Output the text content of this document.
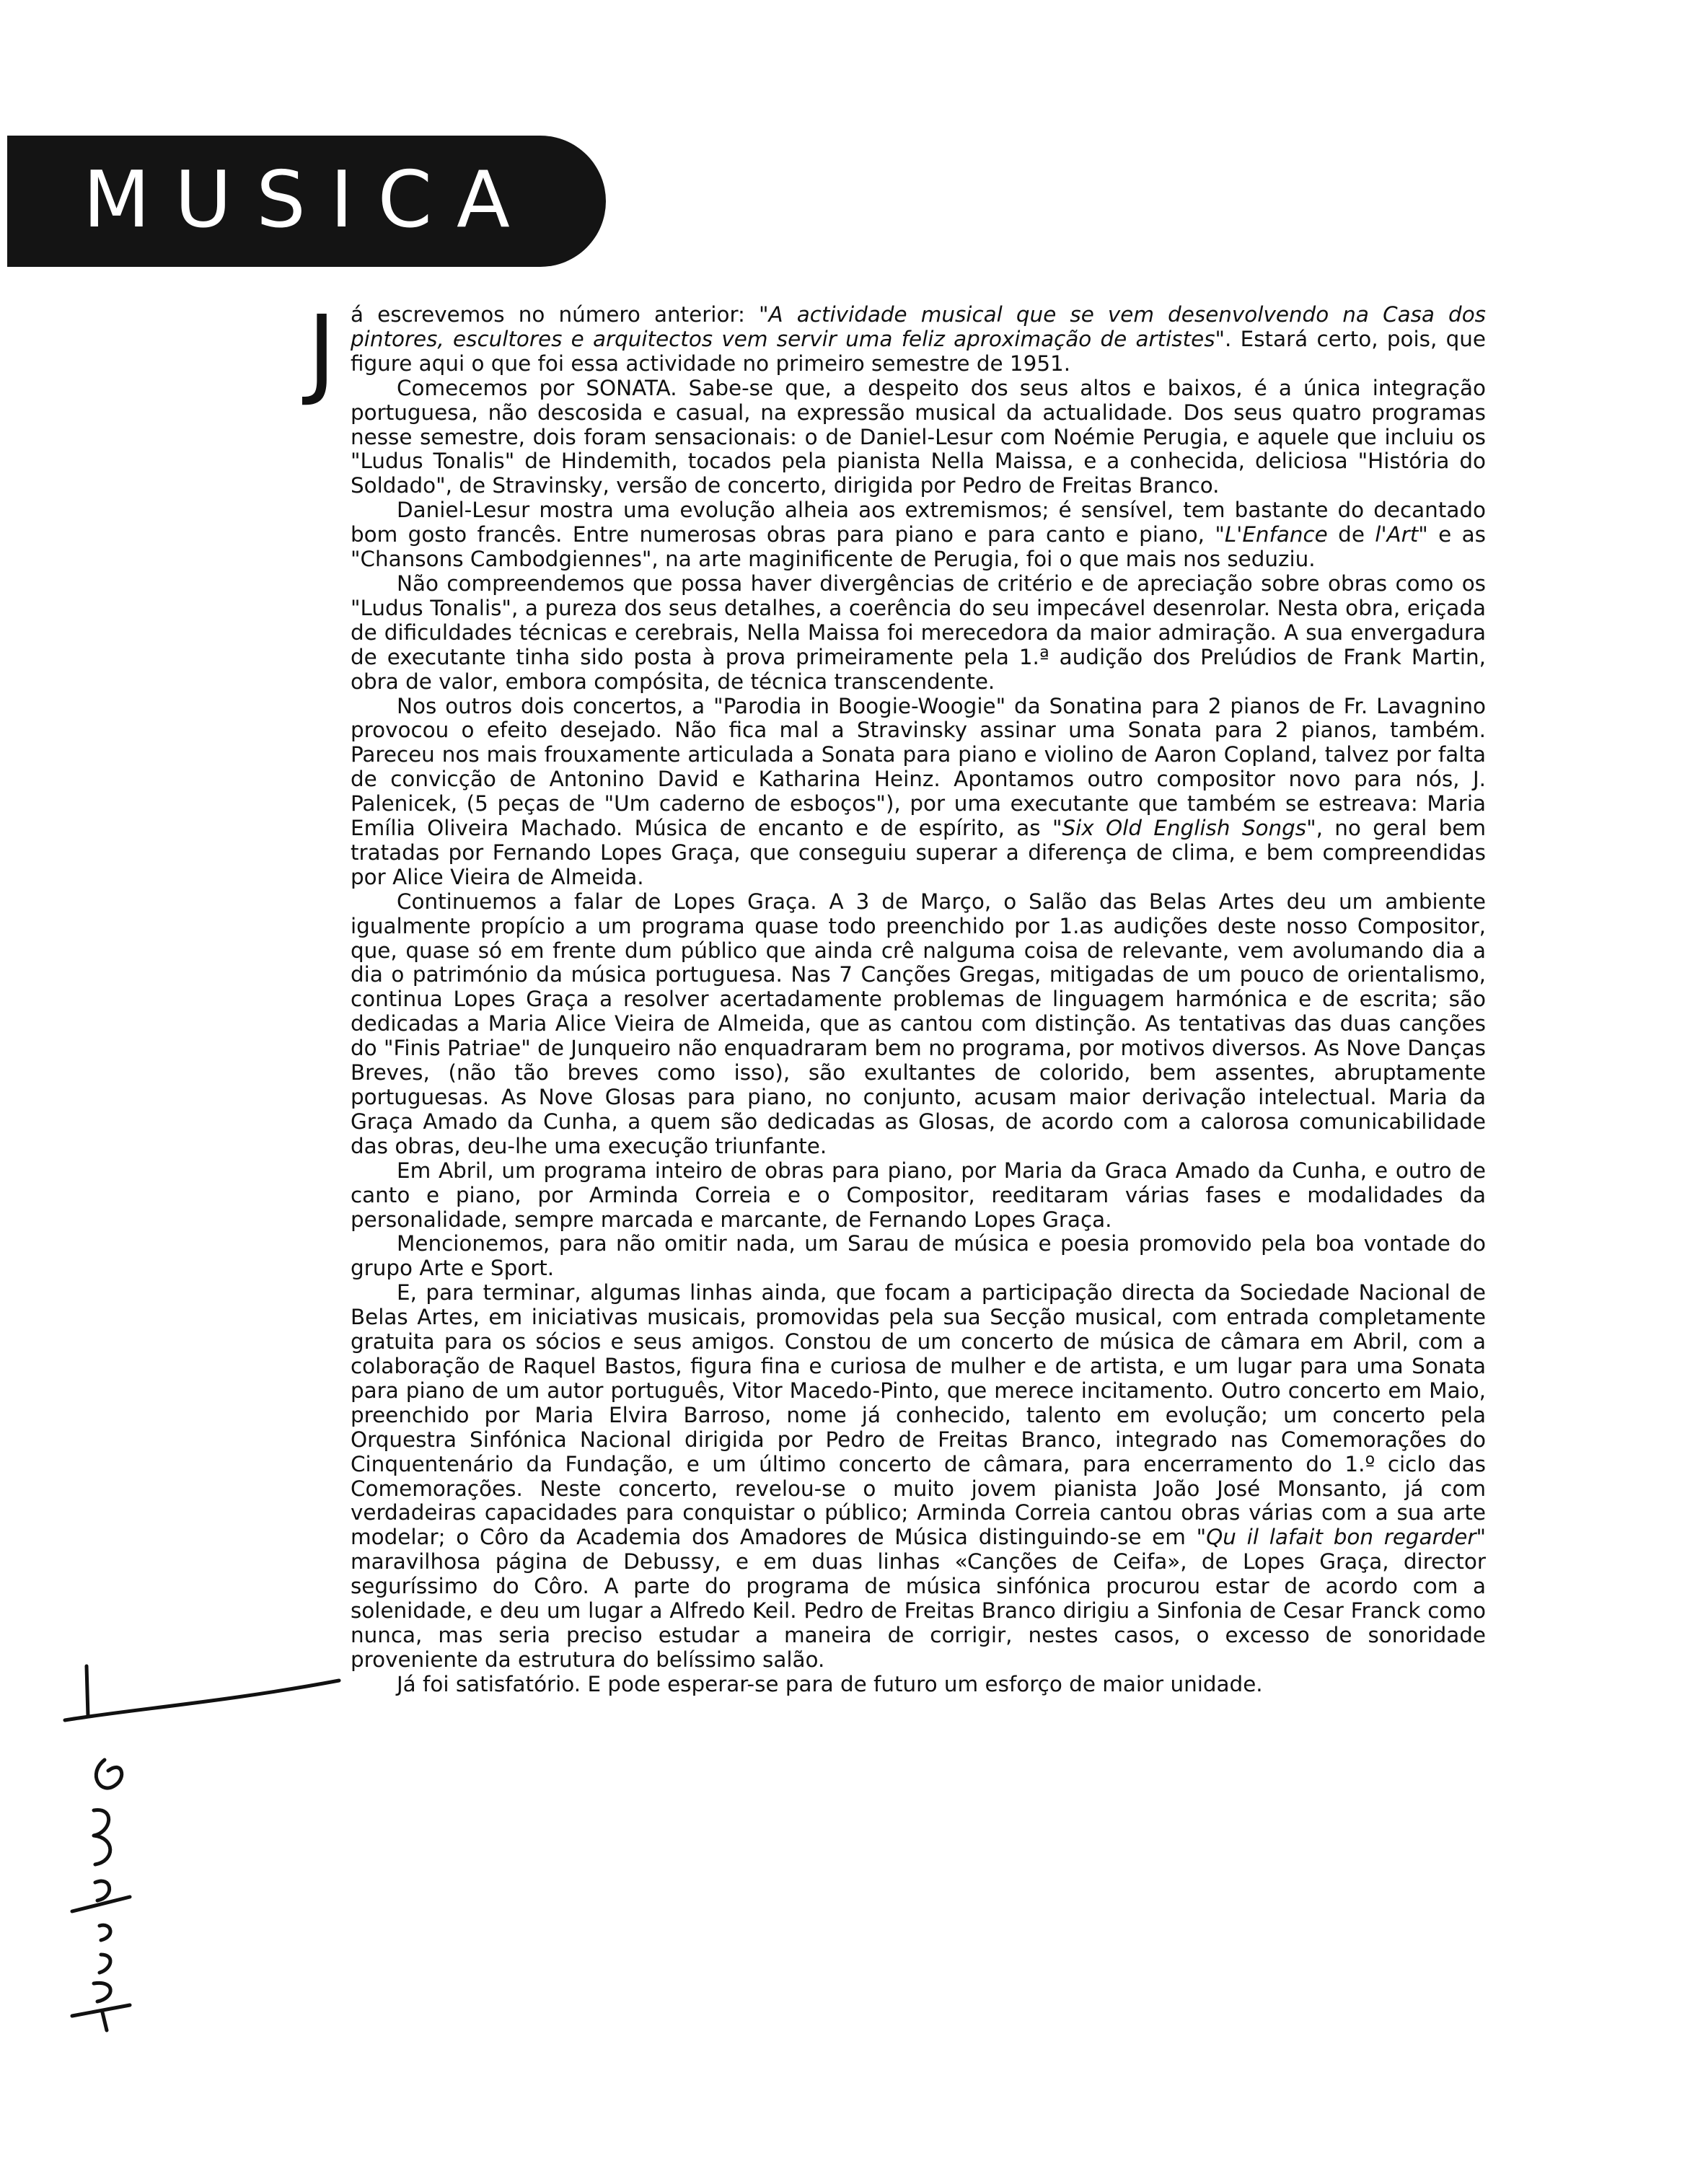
MUSICA

Já escrevemos no número anterior: "A actividade musical que se vem desenvolvendo na Casa dos pintores, escultores e arquitectos vem servir uma feliz aproximação de artistes". Estará certo, pois, que figure aqui o que foi essa actividade no primeiro semestre de 1951.

Comecemos por SONATA. Sabe-se que, a despeito dos seus altos e baixos, é a única integração portuguesa, não descosida e casual, na expressão musical da actualidade. Dos seus quatro programas nesse semestre, dois foram sensacionais: o de Daniel-Lesur com Noémie Perugia, e aquele que incluiu os "Ludus Tonalis" de Hindemith, tocados pela pianista Nella Maissa, e a conhecida, deliciosa "História do Soldado", de Stravinsky, versão de concerto, dirigida por Pedro de Freitas Branco.

Daniel-Lesur mostra uma evolução alheia aos extremismos; é sensível, tem bastante do decantado bom gosto francês. Entre numerosas obras para piano e para canto e piano, "L'Enfance de l'Art" e as "Chansons Cambodgiennes", na arte maginificente de Perugia, foi o que mais nos seduziu.

Não compreendemos que possa haver divergências de critério e de apreciação sobre obras como os "Ludus Tonalis", a pureza dos seus detalhes, a coerência do seu impecável desenrolar. Nesta obra, eriçada de dificuldades técnicas e cerebrais, Nella Maissa foi merecedora da maior admiração. A sua envergadura de executante tinha sido posta à prova primeiramente pela 1.ª audição dos Prelúdios de Frank Martin, obra de valor, embora compósita, de técnica transcendente.

Nos outros dois concertos, a "Parodia in Boogie-Woogie" da Sonatina para 2 pianos de Fr. Lavagnino provocou o efeito desejado. Não fica mal a Stravinsky assinar uma Sonata para 2 pianos, também. Pareceu nos mais frouxamente articulada a Sonata para piano e violino de Aaron Copland, talvez por falta de convicção de Antonino David e Katharina Heinz. Apontamos outro compositor novo para nós, J. Palenicek, (5 peças de "Um caderno de esboços"), por uma executante que também se estreava: Maria Emília Oliveira Machado. Música de encanto e de espírito, as "Six Old English Songs", no geral bem tratadas por Fernando Lopes Graça, que conseguiu superar a diferença de clima, e bem compreendidas por Alice Vieira de Almeida.

Continuemos a falar de Lopes Graça. A 3 de Março, o Salão das Belas Artes deu um ambiente igualmente propício a um programa quase todo preenchido por 1.as audições deste nosso Compositor, que, quase só em frente dum público que ainda crê nalguma coisa de relevante, vem avolumando dia a dia o património da música portuguesa. Nas 7 Canções Gregas, mitigadas de um pouco de orientalismo, continua Lopes Graça a resolver acertadamente problemas de linguagem harmónica e de escrita; são dedicadas a Maria Alice Vieira de Almeida, que as cantou com distinção. As tentativas das duas canções do "Finis Patriae" de Junqueiro não enquadraram bem no programa, por motivos diversos. As Nove Danças Breves, (não tão breves como isso), são exultantes de colorido, bem assentes, abruptamente portuguesas. As Nove Glosas para piano, no conjunto, acusam maior derivação intelectual. Maria da Graça Amado da Cunha, a quem são dedicadas as Glosas, de acordo com a calorosa comunicabilidade das obras, deu-lhe uma execução triunfante.

Em Abril, um programa inteiro de obras para piano, por Maria da Graca Amado da Cunha, e outro de canto e piano, por Arminda Correia e o Compositor, reeditaram várias fases e modalidades da personalidade, sempre marcada e marcante, de Fernando Lopes Graça.

Mencionemos, para não omitir nada, um Sarau de música e poesia promovido pela boa vontade do grupo Arte e Sport.

E, para terminar, algumas linhas ainda, que focam a participação directa da Sociedade Nacional de Belas Artes, em iniciativas musicais, promovidas pela sua Secção musical, com entrada completamente gratuita para os sócios e seus amigos. Constou de um concerto de música de câmara em Abril, com a colaboração de Raquel Bastos, figura fina e curiosa de mulher e de artista, e um lugar para uma Sonata para piano de um autor português, Vitor Macedo-Pinto, que merece incitamento. Outro concerto em Maio, preenchido por Maria Elvira Barroso, nome já conhecido, talento em evolução; um concerto pela Orquestra Sinfónica Nacional dirigida por Pedro de Freitas Branco, integrado nas Comemorações do Cinquentenário da Fundação, e um último concerto de câmara, para encerramento do 1.º ciclo das Comemorações. Neste concerto, revelou-se o muito jovem pianista João José Monsanto, já com verdadeiras capacidades para conquistar o público; Arminda Correia cantou obras várias com a sua arte modelar; o Côro da Academia dos Amadores de Música distinguindo-se em "Qu il lafait bon regarder" maravilhosa página de Debussy, e em duas linhas «Canções de Ceifa», de Lopes Graça, director seguríssimo do Côro. A parte do programa de música sinfónica procurou estar de acordo com a solenidade, e deu um lugar a Alfredo Keil. Pedro de Freitas Branco dirigiu a Sinfonia de Cesar Franck como nunca, mas seria preciso estudar a maneira de corrigir, nestes casos, o excesso de sonoridade proveniente da estrutura do belíssimo salão.

Já foi satisfatório. E pode esperar-se para de futuro um esforço de maior unidade.
